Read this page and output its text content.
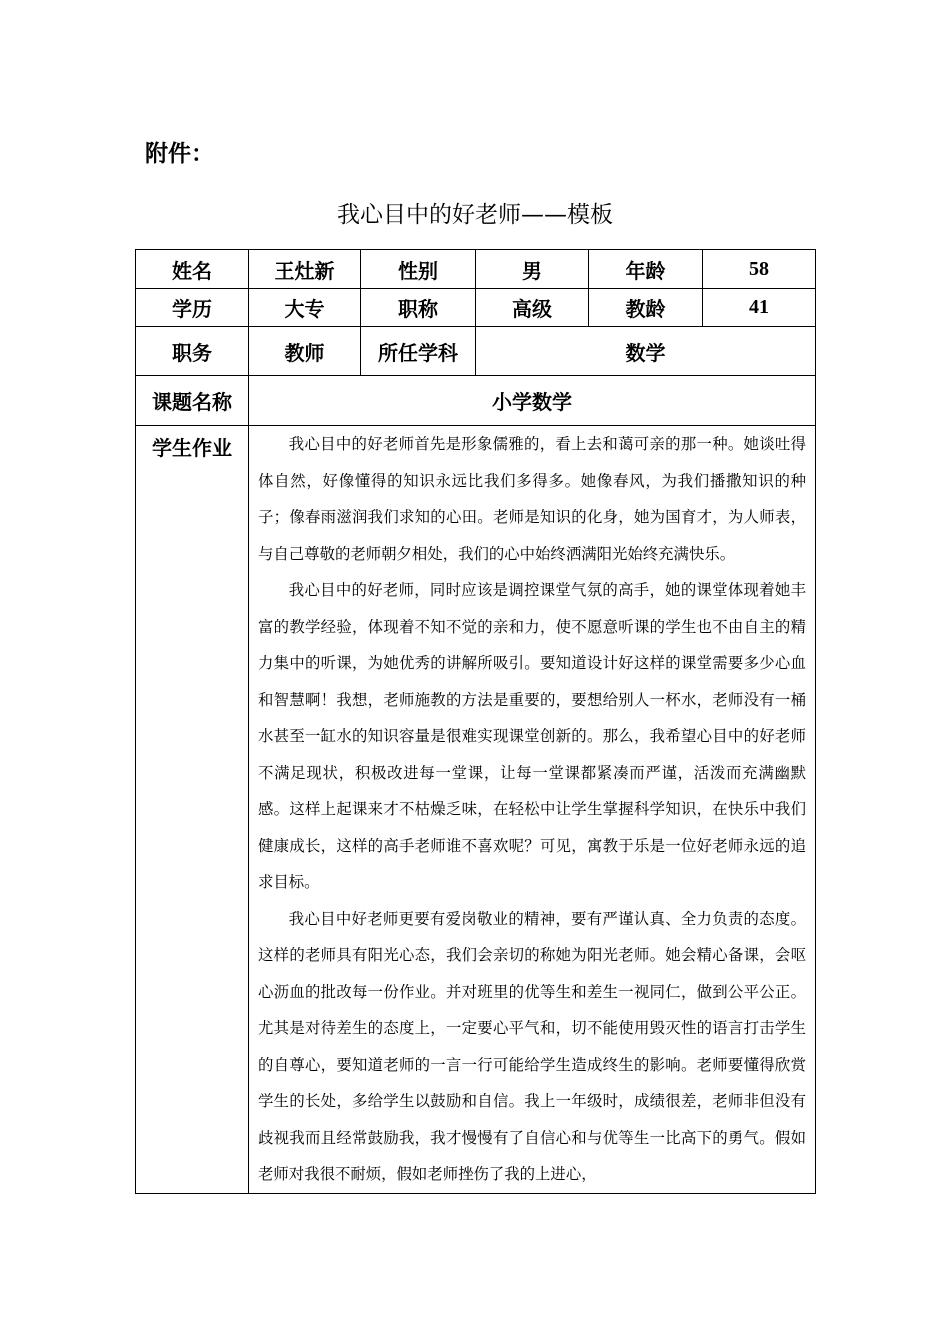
附件：
我心目中的好老师——模板
姓名	王灶新	性别	男	年龄	58
学历	大专	职称	高级	教龄	41
职务	教师	所任学科	数学		
课题名称	小学数学				
学生作业	我心目中的好老师首先是形象儒雅的，看上去和蔼可亲的那一种。她谈吐得体自然，好像懂得的知识永远比我们多得多。她像春风，为我们播撒知识的种子；像春雨滋润我们求知的心田。老师是知识的化身，她为国育才，为人师表，与自己尊敬的老师朝夕相处，我们的心中始终洒满阳光始终充满快乐。

我心目中的好老师，同时应该是调控课堂气氛的高手，她的课堂体现着她丰富的教学经验，体现着不知不觉的亲和力，使不愿意听课的学生也不由自主的精力集中的听课，为她优秀的讲解所吸引。要知道设计好这样的课堂需要多少心血和智慧啊！我想，老师施教的方法是重要的，要想给别人一杯水，老师没有一桶水甚至一缸水的知识容量是很难实现课堂创新的。那么，我希望心目中的好老师不满足现状，积极改进每一堂课，让每一堂课都紧凑而严谨，活泼而充满幽默感。这样上起课来才不枯燥乏味，在轻松中让学生掌握科学知识，在快乐中我们健康成长，这样的高手老师谁不喜欢呢？可见，寓教于乐是一位好老师永远的追求目标。

我心目中好老师更要有爱岗敬业的精神，要有严谨认真、全力负责的态度。这样的老师具有阳光心态，我们会亲切的称她为阳光老师。她会精心备课，会呕心沥血的批改每一份作业。并对班里的优等生和差生一视同仁，做到公平公正。尤其是对待差生的态度上，一定要心平气和，切不能使用毁灭性的语言打击学生的自尊心，要知道老师的一言一行可能给学生造成终生的影响。老师要懂得欣赏学生的长处，多给学生以鼓励和自信。我上一年级时，成绩很差，老师非但没有歧视我而且经常鼓励我，我才慢慢有了自信心和与优等生一比高下的勇气。假如老师对我很不耐烦，假如老师挫伤了我的上进心，				
